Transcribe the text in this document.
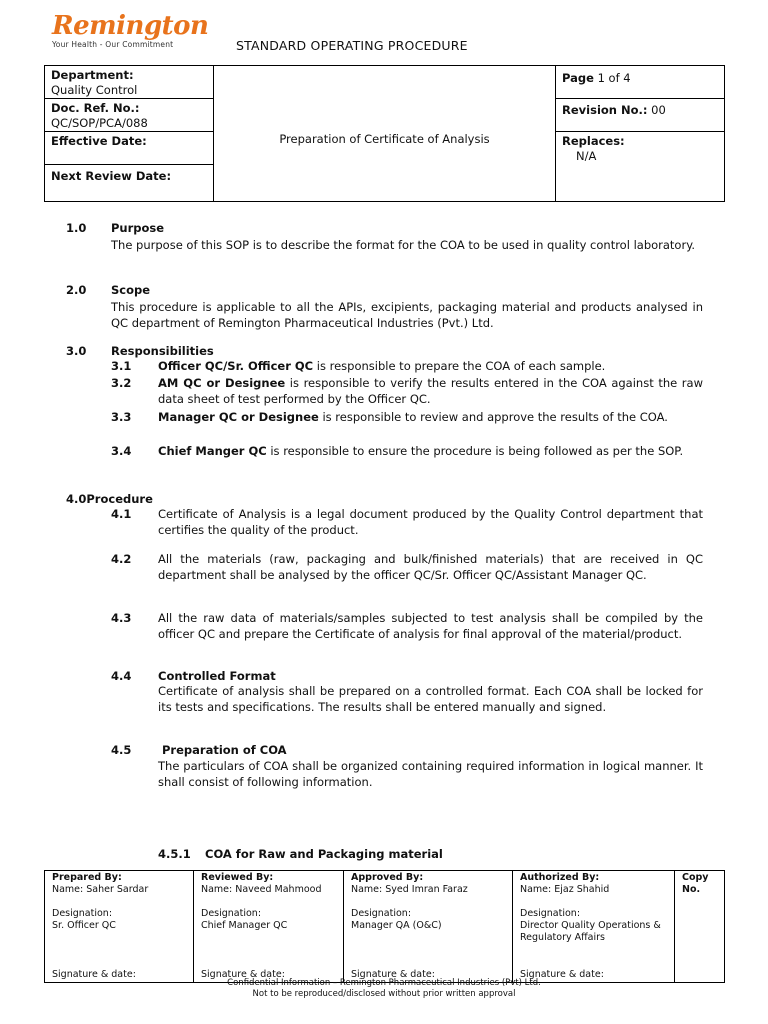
Remington
Your Health - Our Commitment	STANDARD OPERATING PROCEDURE
Department:
Quality Control
Doc. Ref. No.:
QC/SOP/PCA/088
Effective Date:
Next Review Date:
Preparation of Certificate of Analysis
Page 1 of 4
Revision No.: 00
Replaces:
N/A
1.0 Purpose
The purpose of this SOP is to describe the format for the COA to be used in quality control laboratory.
2.0 Scope
This procedure is applicable to all the APIs, excipients, packaging material and products analysed in QC department of Remington Pharmaceutical Industries (Pvt.) Ltd.
3.0 Responsibilities
3.1 Officer QC/Sr. Officer QC is responsible to prepare the COA of each sample.
3.2 AM QC or Designee is responsible to verify the results entered in the COA against the raw data sheet of test performed by the Officer QC.
3.3 Manager QC or Designee is responsible to review and approve the results of the COA.
3.4 Chief Manger QC is responsible to ensure the procedure is being followed as per the SOP.
4.0Procedure
4.1 Certificate of Analysis is a legal document produced by the Quality Control department that certifies the quality of the product.
4.2 All the materials (raw, packaging and bulk/finished materials) that are received in QC department shall be analysed by the officer QC/Sr. Officer QC/Assistant Manager QC.
4.3 All the raw data of materials/samples subjected to test analysis shall be compiled by the officer QC and prepare the Certificate of analysis for final approval of the material/product.
4.4 Controlled Format
Certificate of analysis shall be prepared on a controlled format. Each COA shall be locked for its tests and specifications. The results shall be entered manually and signed.
4.5	Preparation of COA
The particulars of COA shall be organized containing required information in logical manner. It shall consist of following information.
4.5.1 COA for Raw and Packaging material
Prepared By:
Name: Saher Sardar
Designation:
Sr. Officer QC
Signature & date:
Reviewed By:
Name: Naveed Mahmood
Designation:
Chief Manager QC
Signature & date:
Approved By:
Name: Syed Imran Faraz
Designation:
Manager QA (O&C)
Signature & date:
Authorized By:
Name: Ejaz Shahid
Designation:
Director Quality Operations & Regulatory Affairs
Signature & date:
Copy No.
Confidential Information – Remington Pharmaceutical Industries (Pvt) Ltd.
Not to be reproduced/disclosed without prior written approval
